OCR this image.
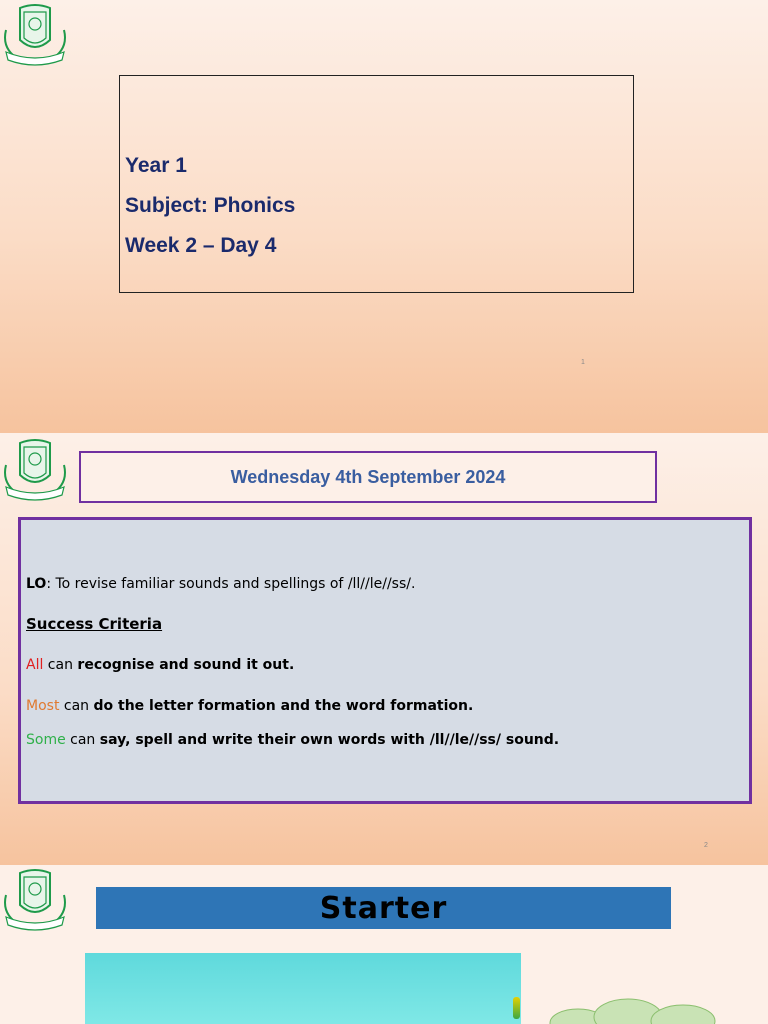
Year 1
Subject: Phonics
Week 2 – Day 4
1
Wednesday 4th September 2024
LO: To revise familiar sounds and spellings of /ll//le//ss/.
Success Criteria
All can recognise and sound it out.
Most can do the letter formation and the word formation.
Some can say, spell and write their own words with /ll//le//ss/ sound.
2
Starter
